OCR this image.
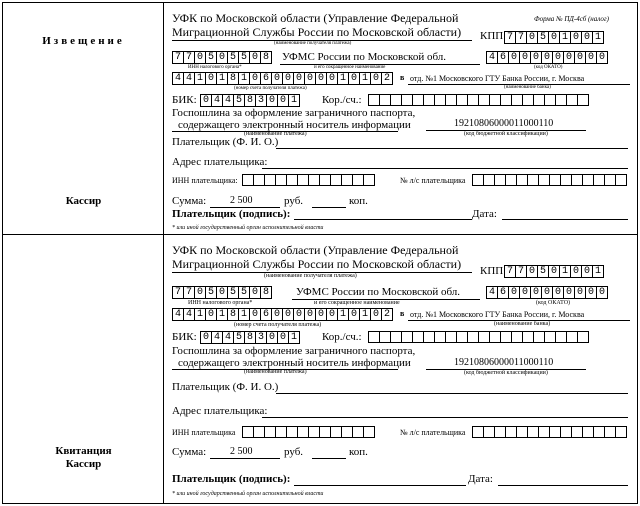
Извещение
Кассир
УФК по Московской области (Управление Федеральной
Миграционной Службы России по Московской области)
Форма № ПД-4сб (налог)
(наименование получателя платежа)
КПП 7 7 0 5 0 1 0 0 1
7 7 0 5 0 5 5 0 8
ИНН налогового органа*
УФМС России по Московской обл.
и его сокращенное наименование
4 6 0 0 0 0 0 0 0 0 0
(код ОКАТО)
4 4 1 0 1 8 1 0 6 0 0 0 0 0 0 1 0 1 0 2
(номер счета получателя платежа)
в отд. №1 Московского ГТУ Банка России, г. Москва
(наименование банка)
БИК: 0 4 4 5 8 3 0 0 1 Кор./сч.:
Госпошлина за оформление заграничного паспорта,
содержащего электронный носитель информации
(наименование платежа)
19210806000011000110
(код бюджетной классификации)
Плательщик (Ф. И. О.)
Адрес плательщика:
ИНН плательщика:	№ л/с плательщика
Сумма: 2 500	руб.	коп.
Плательщик (подпись):	Дата:
* или иной государственный орган исполнительной власти
Квитанция
Кассир
УФК по Московской области (Управление Федеральной
Миграционной Службы России по Московской области)
(наименование получателя платежа)	КПП 7 7 0 5 0 1 0 0 1
7 7 0 5 0 5 5 0 8
ИНН налогового органа*
УФМС России по Московской обл.
и его сокращенное наименование
4 6 0 0 0 0 0 0 0 0 0
(код ОКАТО)
4 4 1 0 1 8 1 0 6 0 0 0 0 0 0 1 0 1 0 2
(номер счета получателя платежа)
в отд. №1 Московского ГТУ Банка России, г. Москва
(наименование банка)
БИК: 0 4 4 5 8 3 0 0 1 Кор./сч.:
Госпошлина за оформление заграничного паспорта,
содержащего электронный носитель информации
(наименование платежа)
19210806000011000110
(код бюджетной классификации)
Плательщик (Ф. И. О.)
Адрес плательщика:
ИНН плательщика	№ л/с плательщика
Сумма: 2 500	руб.	коп.
Плательщик (подпись):	Дата:
* или иной государственный орган исполнительной власти
